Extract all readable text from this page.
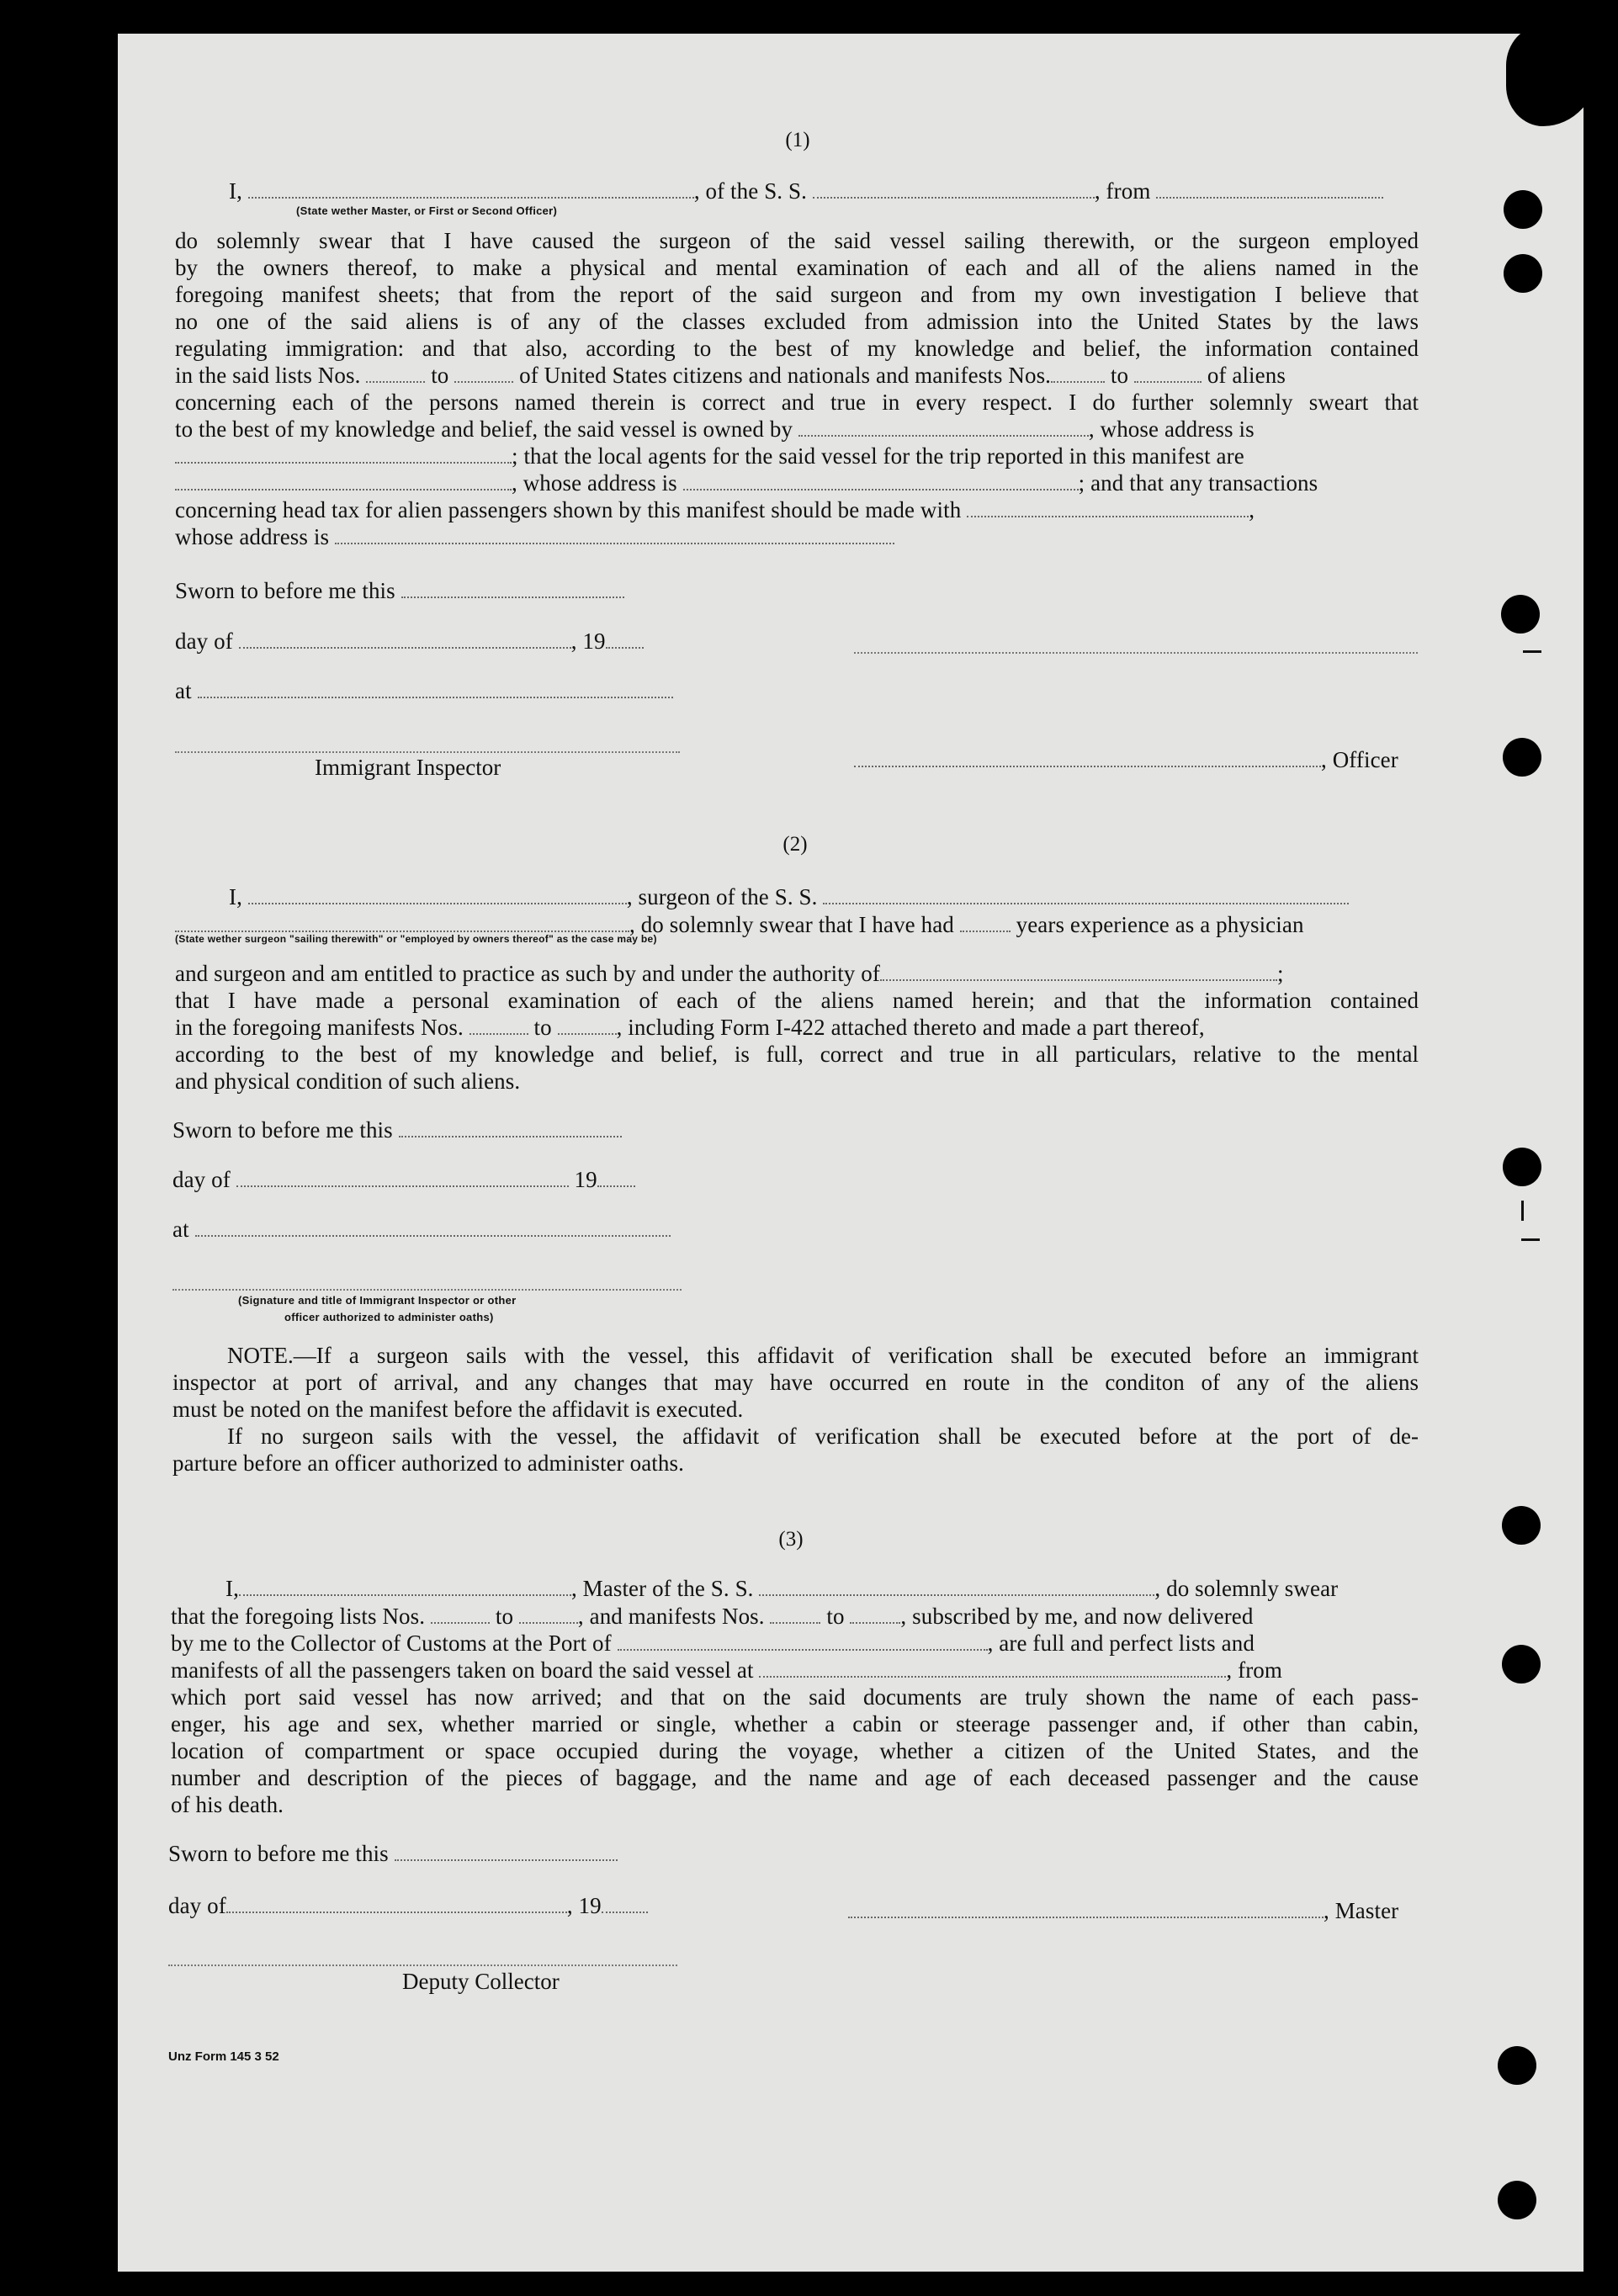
(1)
I,	, of the S. S.	, from
(State wether Master, or First or Second Officer)
do solemnly swear that I have caused the surgeon of the said vessel sailing therewith, or the surgeon employed
by the owners thereof, to make a physical and mental examination of each and all of the aliens named in the
foregoing manifest sheets; that from the report of the said surgeon and from my own investigation I believe that
no one of the said aliens is of any of the classes excluded from admission into the United States by the laws
regulating immigration: and that also, according to the best of my knowledge and belief, the information contained
in the said lists Nos.	to	of United States citizens and nationals and manifests Nos.	to	of aliens
concerning each of the persons named therein is correct and true in every respect. I do further solemnly sweart that
to the best of my knowledge and belief, the said vessel is owned by	, whose address is
; that the local agents for the said vessel for the trip reported in this manifest are
, whose address is	; and that any transactions
concerning head tax for alien passengers shown by this manifest should be made with	,
whose address is
Sworn to before me this
day of	, 19
at
Immigrant Inspector	, Officer
(2)
I,	, surgeon of the S. S.
, do solemnly swear that I have had	years experience as a physician
(State wether surgeon "sailing therewith" or "employed by owners thereof" as the case may be)
and surgeon and am entitled to practice as such by and under the authority of	;
that I have made a personal examination of each of the aliens named herein; and that the information contained
in the foregoing manifests Nos.	to	, including Form I-422 attached thereto and made a part thereof,
according to the best of my knowledge and belief, is full, correct and true in all particulars, relative to the mental
and physical condition of such aliens.
Sworn to before me this
day of	19
at
(Signature and title of Immigrant Inspector or other
officer authorized to administer oaths)
NOTE.—If a surgeon sails with the vessel, this affidavit of verification shall be executed before an immigrant
inspector at port of arrival, and any changes that may have occurred en route in the conditon of any of the aliens
must be noted on the manifest before the affidavit is executed.
If no surgeon sails with the vessel, the affidavit of verification shall be executed before at the port of de-
parture before an officer authorized to administer oaths.
(3)
I,	, Master of the S. S.	, do solemnly swear
that the foregoing lists Nos.	to	, and manifests Nos.	to , subscribed by me, and now delivered
by me to the Collector of Customs at the Port of	, are full and perfect lists and
manifests of all the passengers taken on board the said vessel at	, from
which port said vessel has now arrived; and that on the said documents are truly shown the name of each pass-
enger, his age and sex, whether married or single, whether a cabin or steerage passenger and, if other than cabin,
location of compartment or space occupied during the voyage, whether a citizen of the United States, and the
number and description of the pieces of baggage, and the name and age of each deceased passenger and the cause
of his death.
Sworn to before me this
day of	, 19	, Master
Deputy Collector
Unz Form 145 3 52
